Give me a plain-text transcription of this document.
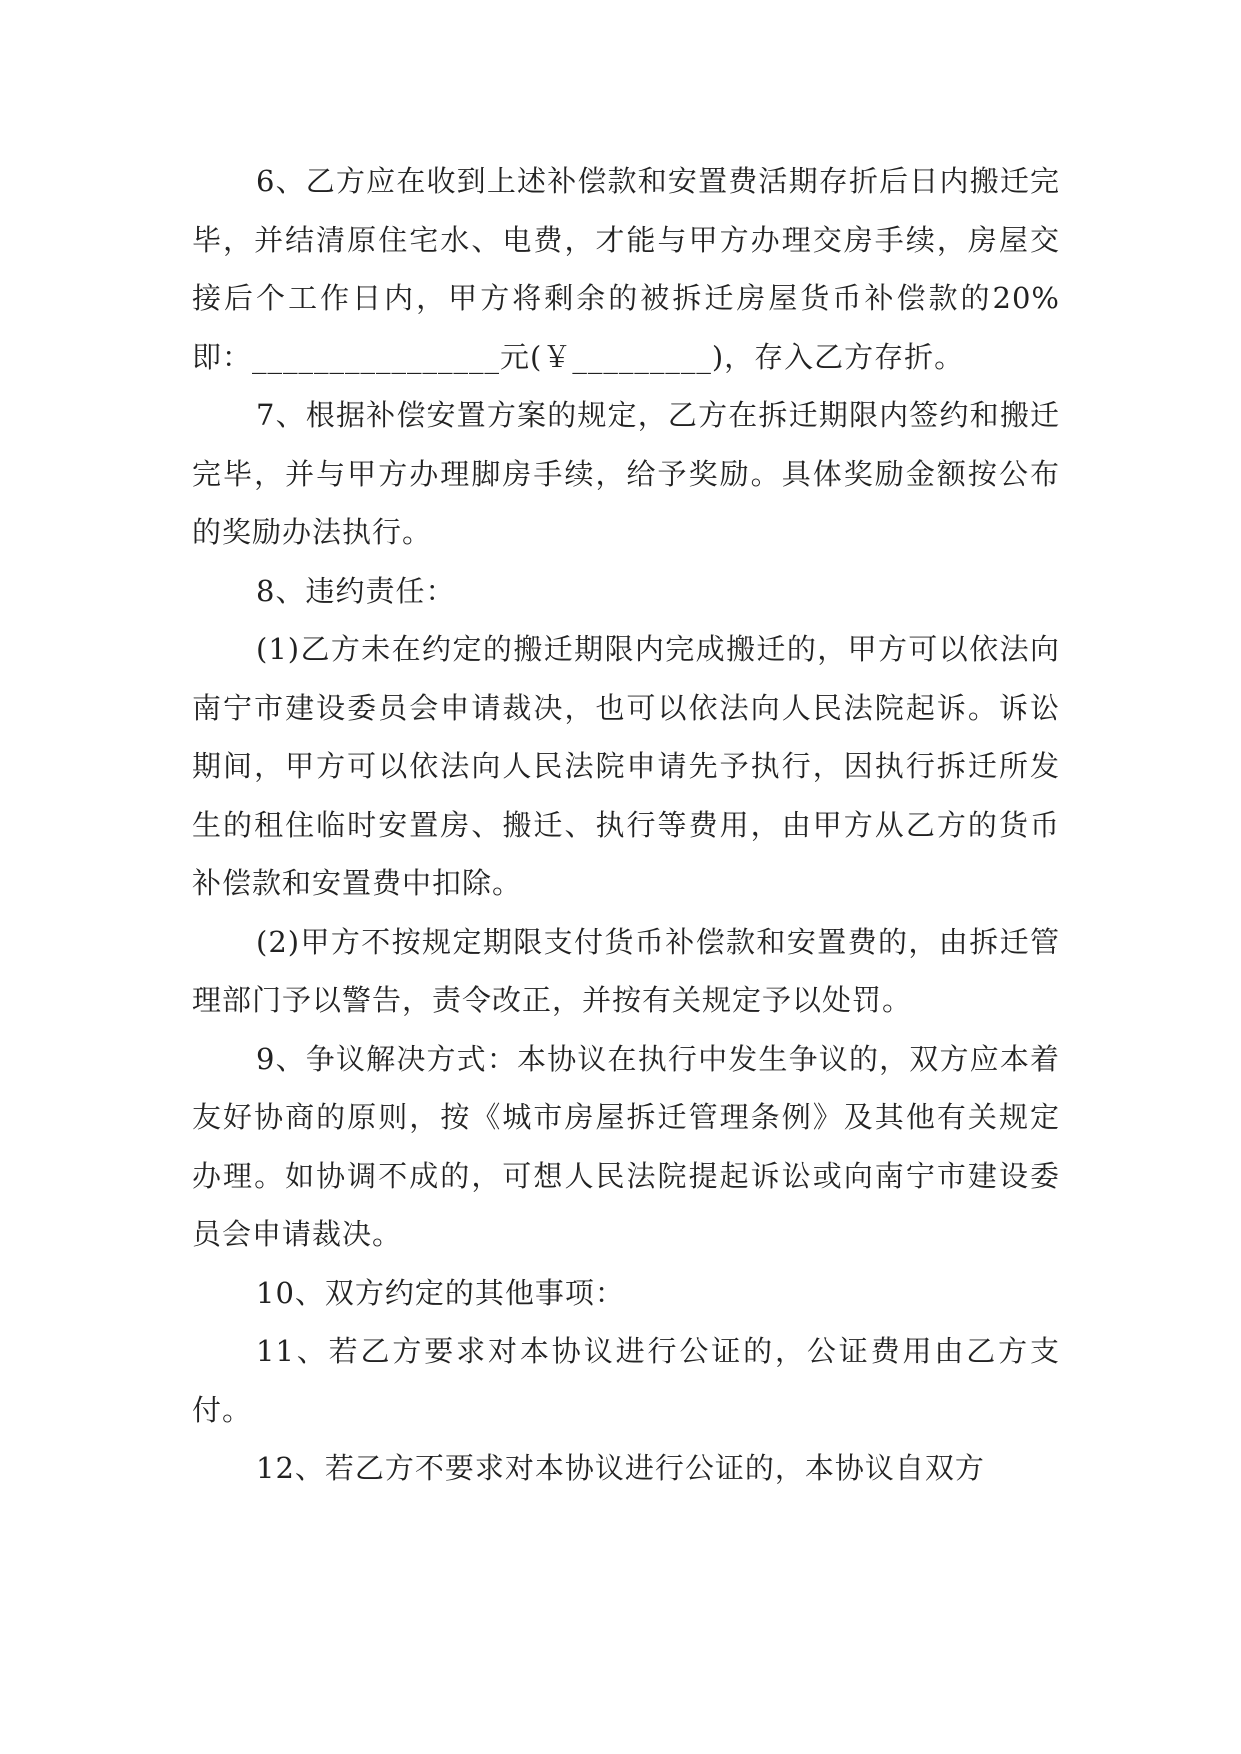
6、乙方应在收到上述补偿款和安置费活期存折后日内搬迁完毕，并结清原住宅水、电费，才能与甲方办理交房手续，房屋交接后个工作日内，甲方将剩余的被拆迁房屋货币补偿款的20%即：________________元(￥_________)，存入乙方存折。

7、根据补偿安置方案的规定，乙方在拆迁期限内签约和搬迁完毕，并与甲方办理脚房手续，给予奖励。具体奖励金额按公布的奖励办法执行。

8、违约责任：

(1)乙方未在约定的搬迁期限内完成搬迁的，甲方可以依法向南宁市建设委员会申请裁决，也可以依法向人民法院起诉。诉讼期间，甲方可以依法向人民法院申请先予执行，因执行拆迁所发生的租住临时安置房、搬迁、执行等费用，由甲方从乙方的货币补偿款和安置费中扣除。

(2)甲方不按规定期限支付货币补偿款和安置费的，由拆迁管理部门予以警告，责令改正，并按有关规定予以处罚。

9、争议解决方式：本协议在执行中发生争议的，双方应本着友好协商的原则，按《城市房屋拆迁管理条例》及其他有关规定办理。如协调不成的，可想人民法院提起诉讼或向南宁市建设委员会申请裁决。

10、双方约定的其他事项：

11、若乙方要求对本协议进行公证的，公证费用由乙方支付。

12、若乙方不要求对本协议进行公证的，本协议自双方
